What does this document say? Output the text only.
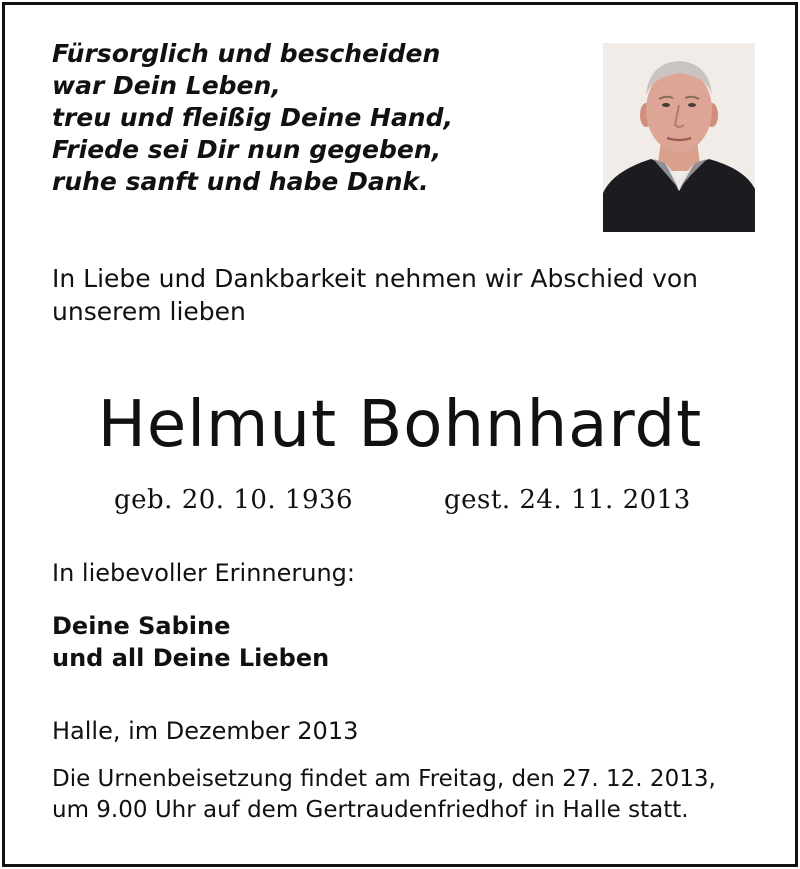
Fürsorglich und bescheiden
war Dein Leben,
treu und fleißig Deine Hand,
Friede sei Dir nun gegeben,
ruhe sanft und habe Dank.
In Liebe und Dankbarkeit nehmen wir Abschied von
unserem lieben
Helmut Bohnhardt
geb. 20. 10. 1936	gest. 24. 11. 2013
In liebevoller Erinnerung:
Deine Sabine
und all Deine Lieben
Halle, im Dezember 2013
Die Urnenbeisetzung findet am Freitag, den 27. 12. 2013,
um 9.00 Uhr auf dem Gertraudenfriedhof in Halle statt.
